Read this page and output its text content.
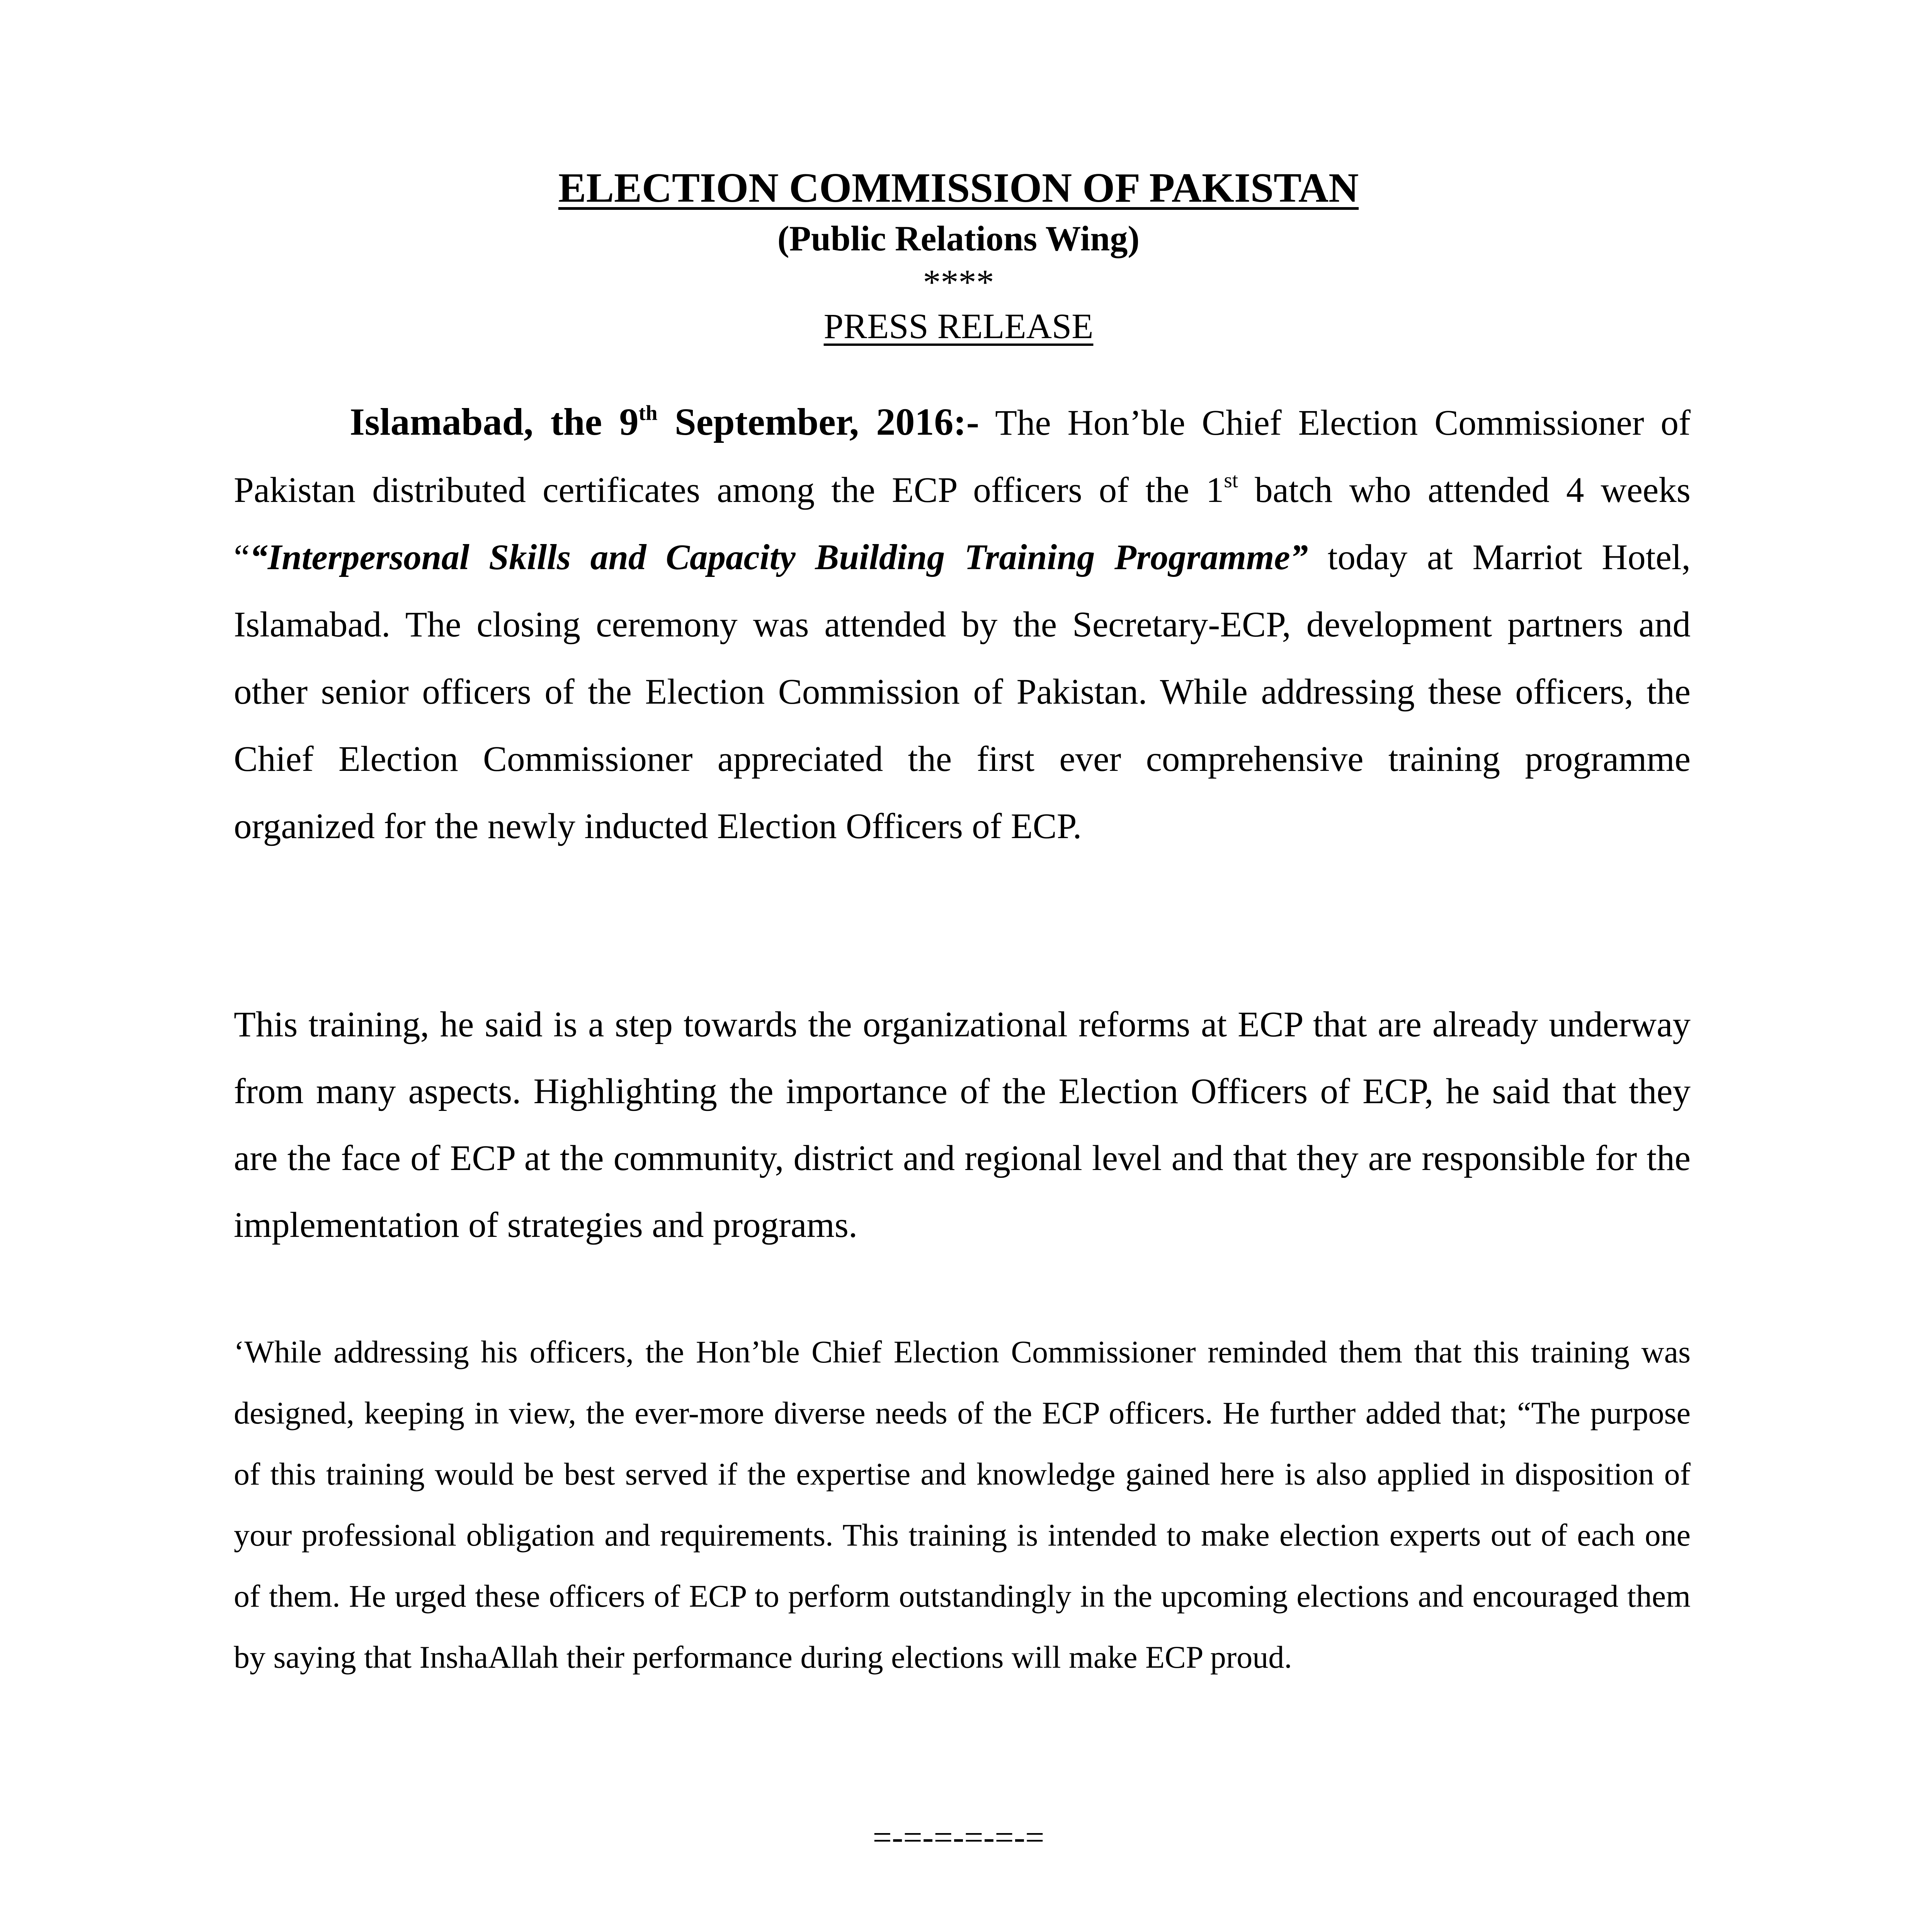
ELECTION COMMISSION OF PAKISTAN
(Public Relations Wing)
****
PRESS RELEASE

Islamabad, the 9th September, 2016:- The Hon’ble Chief Election Commissioner of Pakistan distributed certificates among the ECP officers of the 1st batch who attended 4 weeks ““Interpersonal Skills and Capacity Building Training Programme” today at Marriot Hotel, Islamabad. The closing ceremony was attended by the Secretary-ECP, development partners and other senior officers of the Election Commission of Pakistan. While addressing these officers, the Chief Election Commissioner appreciated the first ever comprehensive training programme organized for the newly inducted Election Officers of ECP.

This training, he said is a step towards the organizational reforms at ECP that are already underway from many aspects. Highlighting the importance of the Election Officers of ECP, he said that they are the face of ECP at the community, district and regional level and that they are responsible for the implementation of strategies and programs.

‘While addressing his officers, the Hon’ble Chief Election Commissioner reminded them that this training was designed, keeping in view, the ever-more diverse needs of the ECP officers. He further added that; “The purpose of this training would be best served if the expertise and knowledge gained here is also applied in disposition of your professional obligation and requirements. This training is intended to make election experts out of each one of them. He urged these officers of ECP to perform outstandingly in the upcoming elections and encouraged them by saying that InshaAllah their performance during elections will make ECP proud.

=-=-=-=-=-=
